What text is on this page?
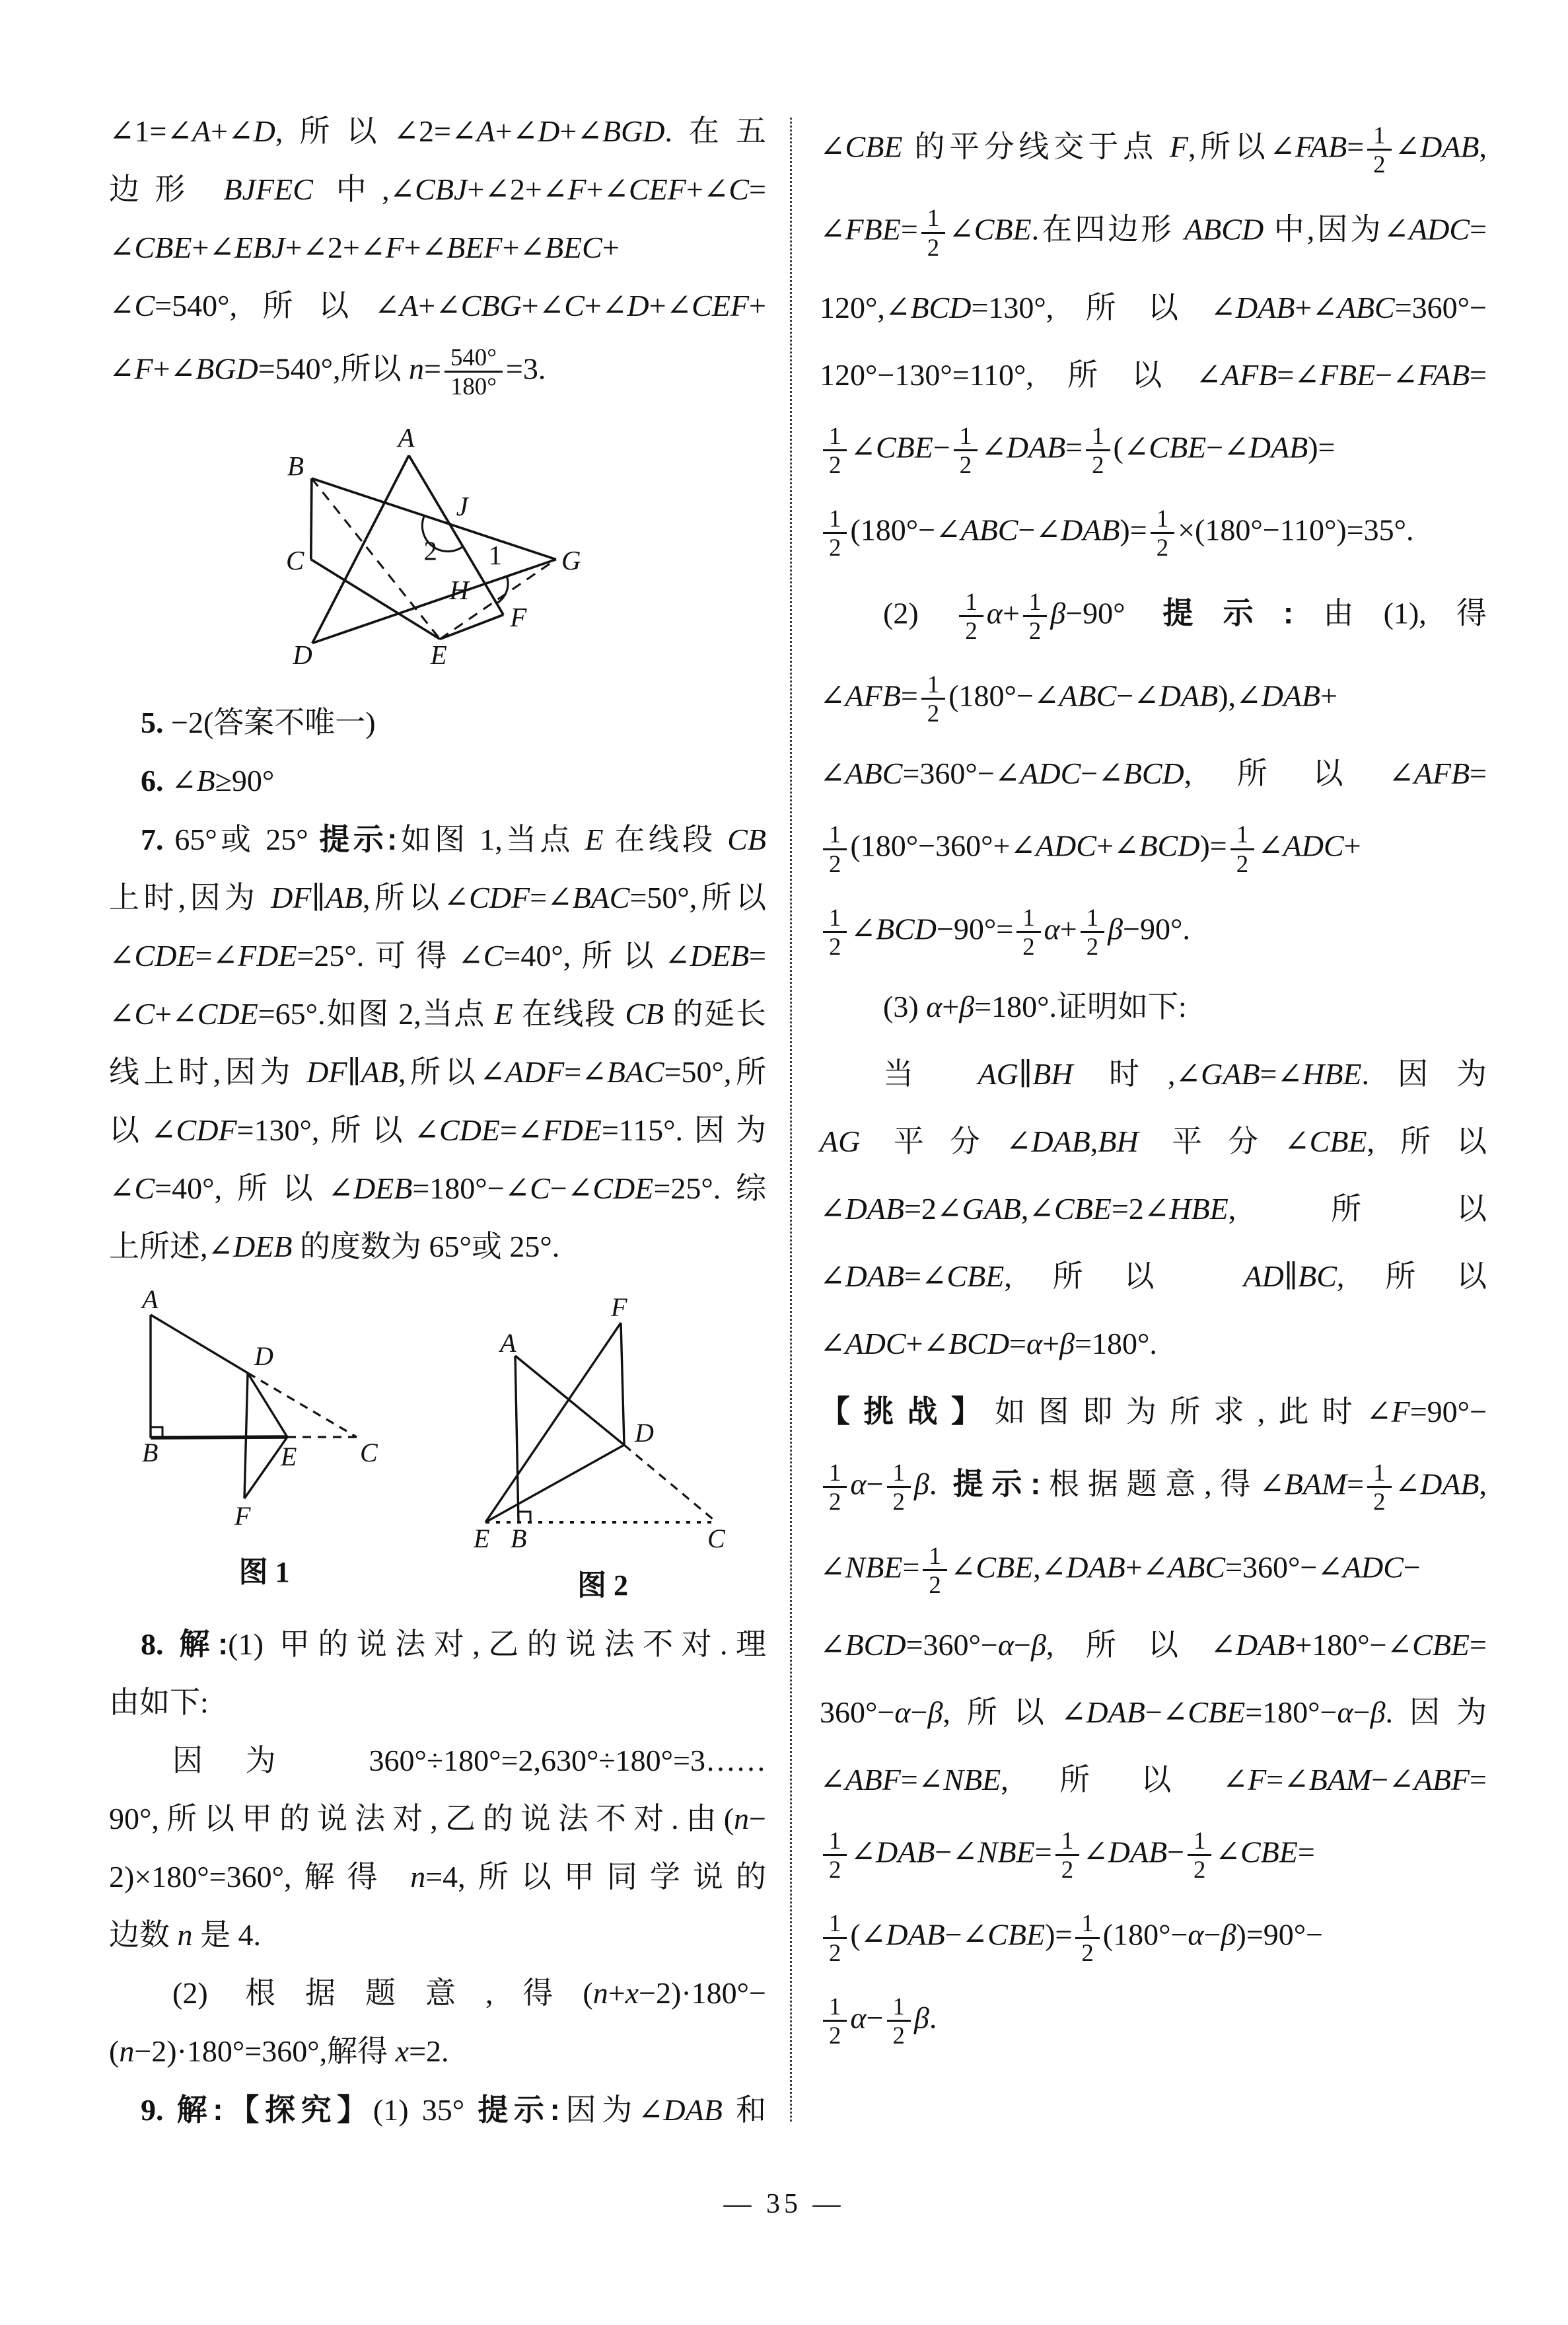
∠1=∠A+∠D,所以∠2=∠A+∠D+∠BGD.在五
边形 BJFEC 中,∠CBJ+∠2+∠F+∠CEF+∠C=
∠CBE+∠EBJ+∠2+∠F+∠BEF+∠BEC+
∠C=540°,所以∠A+∠CBG+∠C+∠D+∠CEF+
∠F+∠BGD=540°,所以 $n= \frac{540^\circ}{180^\circ} =3$.
A
B
C
D	E
F
G
H
J
2 1
5. −2(答案不唯一)
6. ∠B≥90°
7. 65°或 25° 提示:如图 1,当点 E 在线段 CB
上时,因为 DF∥AB,所以∠CDF=∠BAC=50°,所以
∠CDE=∠FDE=25°.可得∠C=40°,所以∠DEB=
∠C+∠CDE=65°.如图 2,当点 E 在线段 CB 的延长
线上时,因为 DF∥AB,所以∠ADF=∠BAC=50°,所
以∠CDF=130°,所以∠CDE=∠FDE=115°.因为
∠C=40°,所以∠DEB=180°−∠C−∠CDE=25°.综
上所述,∠DEB 的度数为 65°或 25°.
A
B	C
D
E
F
图 1
F
A
D
E B	C
图 2
8. 解:(1) 甲的说法对,乙的说法不对.理
由如下:
因为 360°÷180°=2,630°÷180°=3……
90°,所以甲的说法对,乙的说法不对.由(n−
2)×180°=360°,解得 n=4,所以甲同学说的
边数 n 是 4.
(2) 根据题意,得(n+x−2)·180°−
(n−2)·180°=360°,解得 x=2.
9. 解:【探究】(1) 35° 提示:因为∠DAB 和
∠CBE 的平分线交于点 F,所以∠FAB= $\frac{1}{2}$ ∠DAB,
∠FBE= $\frac{1}{2}$ ∠CBE.在四边形 ABCD 中,因为∠ADC=
120°,∠BCD=130°,所以∠DAB+∠ABC=360°−
120°−130°=110°,所以∠AFB=∠FBE−∠FAB=
$\frac{1}{2}$ ∠CBE− $\frac{1}{2}$ ∠DAB= $\frac{1}{2}$ (∠CBE−∠DAB)=
$\frac{1}{2}$ (180°−∠ABC−∠DAB)= $\frac{1}{2} \times(180^\circ-110^\circ)=35^\circ$.
$(2) \frac{1}{2} \alpha+ \frac{1}{2} \beta-90^\circ$ 提示:由(1),得
∠AFB= $\frac{1}{2}$ (180°−∠ABC−∠DAB),∠DAB+
∠ABC=360°−∠ADC−∠BCD,所以∠AFB=
$\frac{1}{2}$ (180°−360°+∠ADC+∠BCD)= $\frac{1}{2}$ ∠ADC+
$\frac{1}{2}$ ∠BCD−90°= $\frac{1}{2} \alpha+ \frac{1}{2} \beta-90^\circ$.
(3) α+β=180°.证明如下:
当 AG∥BH 时,∠GAB=∠HBE.因为
AG 平分∠DAB,BH 平分∠CBE,所以
∠DAB=2∠GAB,∠CBE=2∠HBE,所以
∠DAB=∠CBE,所以 AD∥BC,所以
∠ADC+∠BCD=α+β=180°.
【挑战】如图即为所求,此时∠F=90°−
$\frac{1}{2} \alpha- \frac{1}{2} \beta$. 提示:根据题意,得∠BAM= $\frac{1}{2}$ ∠DAB,
∠NBE= $\frac{1}{2}$ ∠CBE,∠DAB+∠ABC=360°−∠ADC−
∠BCD=360°−α−β,所以∠DAB+180°−∠CBE=
360°−α−β,所以∠DAB−∠CBE=180°−α−β.因为
∠ABF=∠NBE,所以∠F=∠BAM−∠ABF=
$\frac{1}{2}$ ∠DAB−∠NBE= $\frac{1}{2}$ ∠DAB− $\frac{1}{2}$ ∠CBE=
$\frac{1}{2}$ (∠DAB−∠CBE)= $\frac{1}{2} (180^\circ-\alpha-\beta)=90^\circ-$
$\frac{1}{2} \alpha- \frac{1}{2} \beta$.
— 35 —
